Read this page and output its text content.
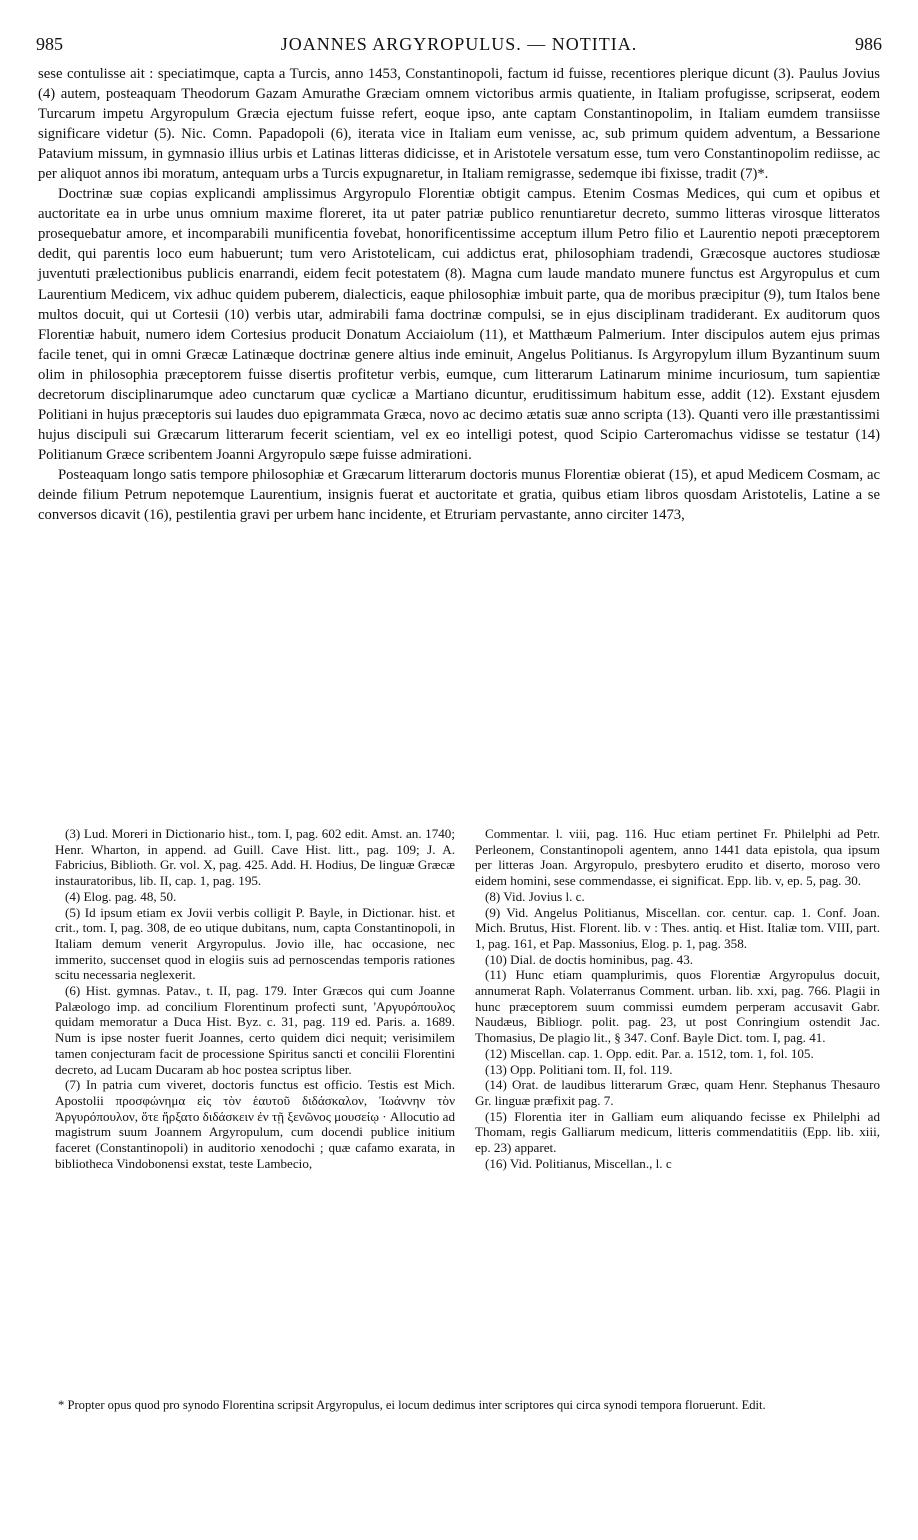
985	JOANNES ARGYROPULUS. — NOTITIA.	986

sese contulisse ait : speciatimque, capta a Turcis, anno 1453, Constantinopoli, factum id fuisse, recentiores plerique dicunt (3). Paulus Jovius (4) autem, posteaquam Theodorum Gazam Amurathe Græciam omnem victoribus armis quatiente, in Italiam profugisse, scripserat, eodem Turcarum impetu Argyropulum Græcia ejectum fuisse refert, eoque ipso, ante captam Constantinopolim, in Italiam eumdem transiisse significare videtur (5). Nic. Comn. Papadopoli (6), iterata vice in Italiam eum venisse, ac, sub primum quidem adventum, a Bessarione Patavium missum, in gymnasio illius urbis et Latinas litteras didicisse, et in Aristotele versatum esse, tum vero Constantinopolim rediisse, ac per aliquot annos ibi moratum, antequam urbs a Turcis expugnaretur, in Italiam remigrasse, sedemque ibi fixisse, tradit (7)*.

Doctrinæ suæ copias explicandi amplissimus Argyropulo Florentiæ obtigit campus. Etenim Cosmas Medices, qui cum et opibus et auctoritate ea in urbe unus omnium maxime floreret, ita ut pater patriæ publico renuntiaretur decreto, summo litteras virosque litteratos prosequebatur amore, et incomparabili munificentia fovebat, honorificentissime acceptum illum Petro filio et Laurentio nepoti præceptorem dedit, qui parentis loco eum habuerunt; tum vero Aristotelicam, cui addictus erat, philosophiam tradendi, Græcosque auctores studiosæ juventuti prælectionibus publicis enarrandi, eidem fecit potestatem (8). Magna cum laude mandato munere functus est Argyropulus et cum Laurentium Medicem, vix adhuc quidem puberem, dialecticis, eaque philosophiæ imbuit parte, qua de moribus præcipitur (9), tum Italos bene multos docuit, qui ut Cortesii (10) verbis utar, admirabili fama doctrinæ compulsi, se in ejus disciplinam tradiderant. Ex auditorum quos Florentiæ habuit, numero idem Cortesius producit Donatum Acciaiolum (11), et Matthæum Palmerium. Inter discipulos autem ejus primas facile tenet, qui in omni Græcæ Latinæque doctrinæ genere altius inde eminuit, Angelus Politianus. Is Argyropylum illum Byzantinum suum olim in philosophia præceptorem fuisse disertis profitetur verbis, eumque, cum litterarum Latinarum minime incuriosum, tum sapientiæ decretorum disciplinarumque adeo cunctarum quæ cyclicæ a Martiano dicuntur, eruditissimum habitum esse, addit (12). Exstant ejusdem Politiani in hujus præceptoris sui laudes duo epigrammata Græca, novo ac decimo ætatis suæ anno scripta (13). Quanti vero ille præstantissimi hujus discipuli sui Græcarum litterarum fecerit scientiam, vel ex eo intelligi potest, quod Scipio Carteromachus vidisse se testatur (14) Politianum Græce scribentem Joanni Argyropulo sæpe fuisse admirationi.

Posteaquam longo satis tempore philosophiæ et Græcarum litterarum doctoris munus Florentiæ obierat (15), et apud Medicem Cosmam, ac deinde filium Petrum nepotemque Laurentium, insignis fuerat et auctoritate et gratia, quibus etiam libros quosdam Aristotelis, Latine a se conversos dicavit (16), pestilentia gravi per urbem hanc incidente, et Etruriam pervastante, anno circiter 1473,

(3) Lud. Moreri in Dictionario hist., tom. I, pag. 602 edit. Amst. an. 1740; Henr. Wharton, in append. ad Guill. Cave Hist. litt., pag. 109; J. A. Fabricius, Biblioth. Gr. vol. X, pag. 425. Add. H. Hodius, De linguæ Græcæ instauratoribus, lib. II, cap. 1, pag. 195.

(4) Elog. pag. 48, 50.

(5) Id ipsum etiam ex Jovii verbis colligit P. Bayle, in Dictionar. hist. et crit., tom. I, pag. 308, de eo utique dubitans, num, capta Constantinopoli, in Italiam demum venerit Argyropulus. Jovio ille, hac occasione, nec immerito, succenset quod in elogiis suis ad pernoscendas temporis rationes scitu necessaria neglexerit.

(6) Hist. gymnas. Patav., t. II, pag. 179. Inter Græcos qui cum Joanne Palæologo imp. ad concilium Florentinum profecti sunt, 'Αργυρόπουλος quidam memoratur a Duca Hist. Byz. c. 31, pag. 119 ed. Paris. a. 1689. Num is ipse noster fuerit Joannes, certo quidem dici nequit; verisimilem tamen conjecturam facit de processione Spiritus sancti et concilii Florentini decreto, ad Lucam Ducaram ab hoc postea scriptus liber.

(7) In patria cum viveret, doctoris functus est officio. Testis est Mich. Apostolii προσφώνημα εἰς τὸν ἑαυτοῦ διδάσκαλον, Ἰωάννην τὸν Ἀργυρόπουλον, ὅτε ἤρξατο διδάσκειν ἐν τῇ ξενῶνος μουσείῳ · Allocutio ad magistrum suum Joannem Argyropulum, cum docendi publice initium faceret (Constantinopoli) in auditorio xenodochi ; quæ cafamo exarata, in bibliotheca Vindobonensi exstat, teste Lambecio,

Commentar. l. viii, pag. 116. Huc etiam pertinet Fr. Philelphi ad Petr. Perleonem, Constantinopoli agentem, anno 1441 data epistola, qua ipsum per litteras Joan. Argyropulo, presbytero erudito et diserto, moroso vero eidem homini, sese commendasse, ei significat. Epp. lib. v, ep. 5, pag. 30.

(8) Vid. Jovius l. c.

(9) Vid. Angelus Politianus, Miscellan. cor. centur. cap. 1. Conf. Joan. Mich. Brutus, Hist. Florent. lib. v : Thes. antiq. et Hist. Italiæ tom. VIII, part. 1, pag. 161, et Pap. Massonius, Elog. p. 1, pag. 358.

(10) Dial. de doctis hominibus, pag. 43.

(11) Hunc etiam quamplurimis, quos Florentiæ Argyropulus docuit, annumerat Raph. Volaterranus Comment. urban. lib. xxi, pag. 766. Plagii in hunc præceptorem suum commissi eumdem perperam accusavit Gabr. Naudæus, Bibliogr. polit. pag. 23, ut post Conringium ostendit Jac. Thomasius, De plagio lit., § 347. Conf. Bayle Dict. tom. I, pag. 41.

(12) Miscellan. cap. 1. Opp. edit. Par. a. 1512, tom. 1, fol. 105.

(13) Opp. Politiani tom. II, fol. 119.

(14) Orat. de laudibus litterarum Græc, quam Henr. Stephanus Thesauro Gr. linguæ præfixit pag. 7.

(15) Florentia iter in Galliam eum aliquando fecisse ex Philelphi ad Thomam, regis Galliarum medicum, litteris commendatitiis (Epp. lib. xiii, ep. 23) apparet.

(16) Vid. Politianus, Miscellan., l. c

* Propter opus quod pro synodo Florentina scripsit Argyropulus, ei locum dedimus inter scriptores qui circa synodi tempora floruerunt. Edit.
